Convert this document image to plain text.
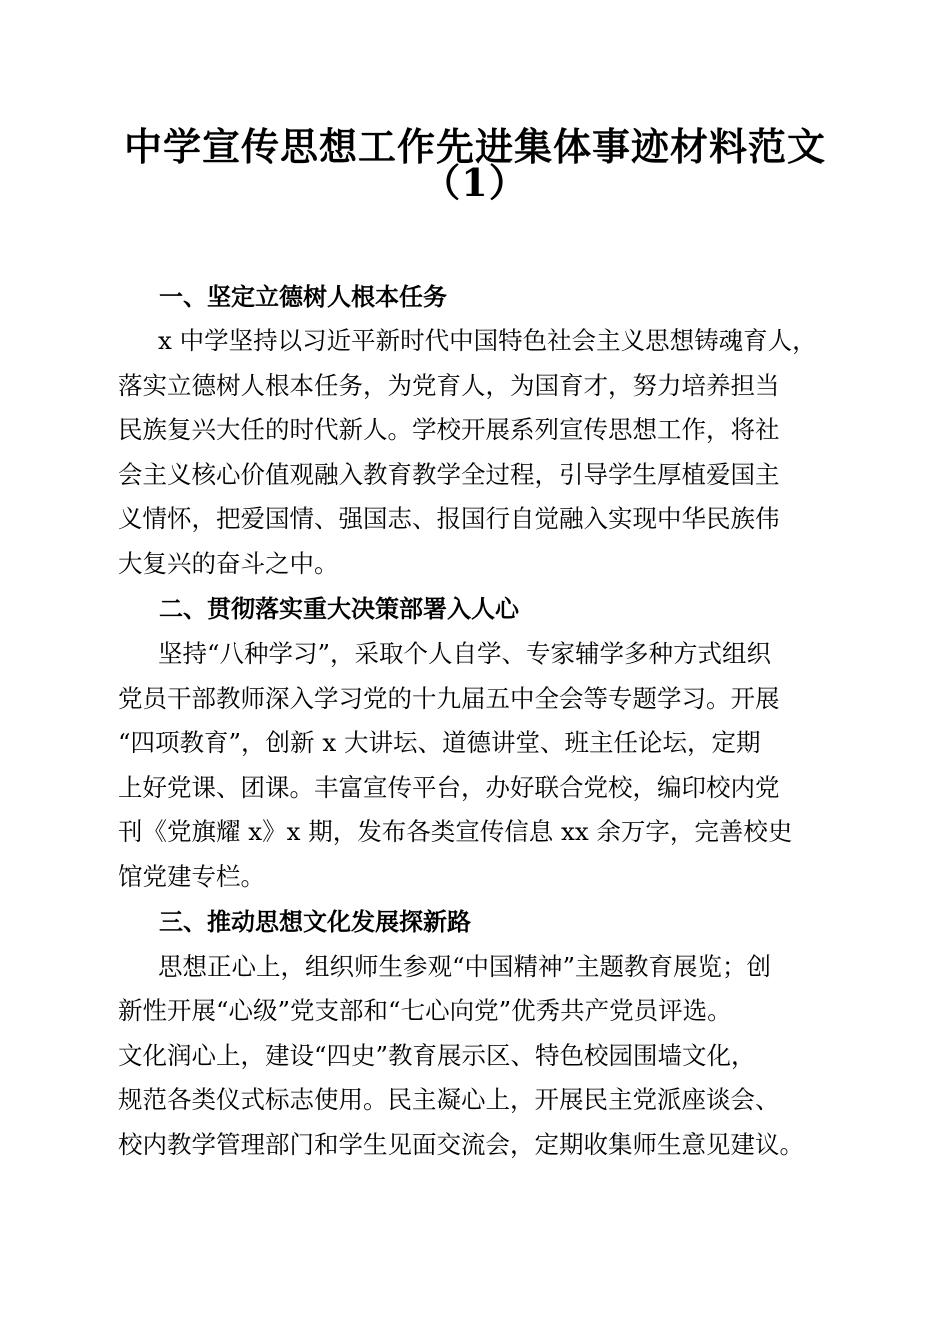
中学宣传思想工作先进集体事迹材料范文
（1）
一、坚定立德树人根本任务

x 中学坚持以习近平新时代中国特色社会主义思想铸魂育人，

落实立德树人根本任务，为党育人，为国育才，努力培养担当

民族复兴大任的时代新人。学校开展系列宣传思想工作，将社

会主义核心价值观融入教育教学全过程，引导学生厚植爱国主

义情怀，把爱国情、强国志、报国行自觉融入实现中华民族伟

大复兴的奋斗之中。

二、贯彻落实重大决策部署入人心

坚持“八种学习”，采取个人自学、专家辅学多种方式组织

党员干部教师深入学习党的十九届五中全会等专题学习。开展

“四项教育”，创新 x 大讲坛、道德讲堂、班主任论坛，定期

上好党课、团课。丰富宣传平台，办好联合党校，编印校内党

刊《党旗耀 x》x 期，发布各类宣传信息 xx 余万字，完善校史

馆党建专栏。

三、推动思想文化发展探新路

思想正心上，组织师生参观“中国精神”主题教育展览；创

新性开展“心级”党支部和“七心向党”优秀共产党员评选。

文化润心上，建设“四史”教育展示区、特色校园围墙文化，

规范各类仪式标志使用。民主凝心上，开展民主党派座谈会、

校内教学管理部门和学生见面交流会，定期收集师生意见建议。
